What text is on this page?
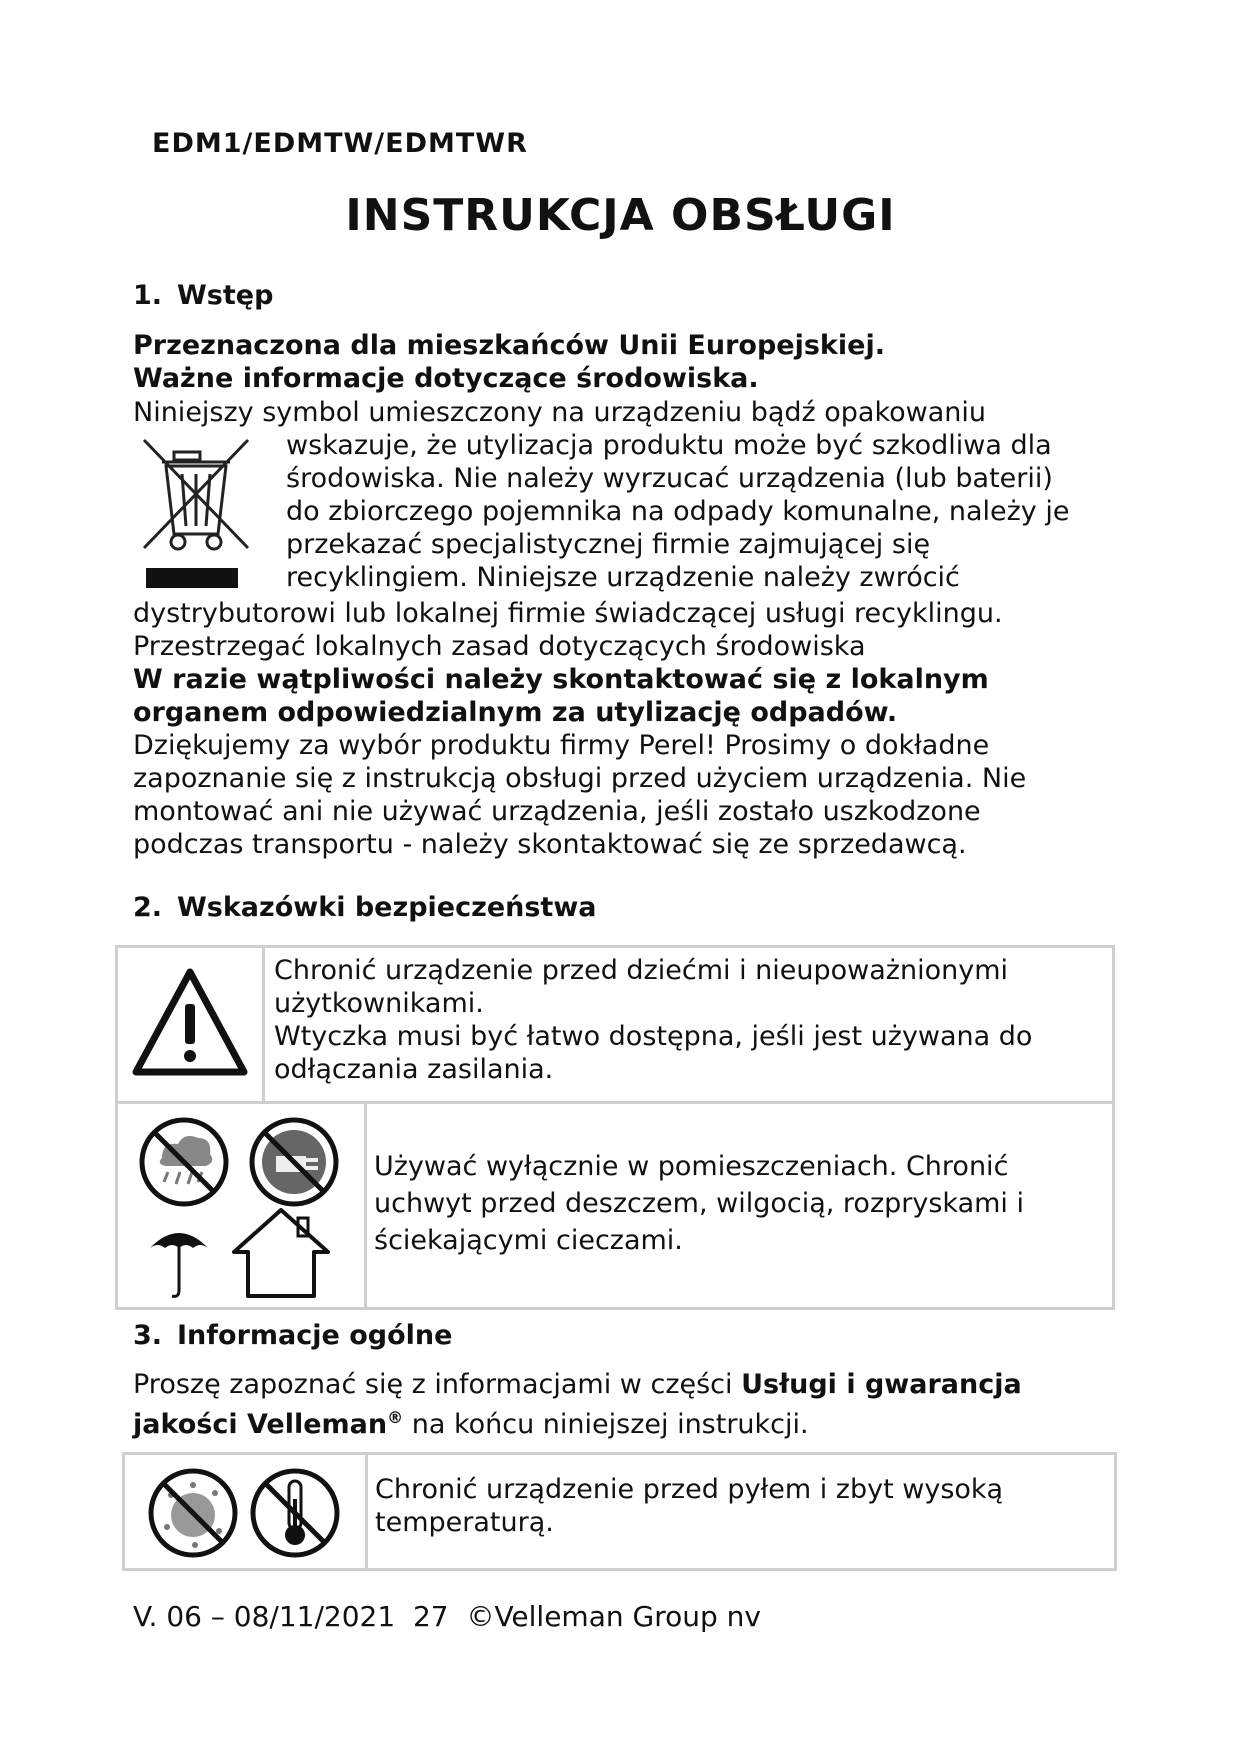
EDM1/EDMTW/EDMTWR
INSTRUKCJA OBSŁUGI
1. Wstęp
Przeznaczona dla mieszkańców Unii Europejskiej.
Ważne informacje dotyczące środowiska.
Niniejszy symbol umieszczony na urządzeniu bądź opakowaniu
wskazuje, że utylizacja produktu może być szkodliwa dla
środowiska. Nie należy wyrzucać urządzenia (lub baterii)
do zbiorczego pojemnika na odpady komunalne, należy je
przekazać specjalistycznej firmie zajmującej się
recyklingiem. Niniejsze urządzenie należy zwrócić
dystrybutorowi lub lokalnej firmie świadczącej usługi recyklingu.
Przestrzegać lokalnych zasad dotyczących środowiska
W razie wątpliwości należy skontaktować się z lokalnym
organem odpowiedzialnym za utylizację odpadów.
Dziękujemy za wybór produktu firmy Perel! Prosimy o dokładne
zapoznanie się z instrukcją obsługi przed użyciem urządzenia. Nie
montować ani nie używać urządzenia, jeśli zostało uszkodzone
podczas transportu - należy skontaktować się ze sprzedawcą.
2. Wskazówki bezpieczeństwa
Chronić urządzenie przed dziećmi i nieupoważnionymi
użytkownikami.
Wtyczka musi być łatwo dostępna, jeśli jest używana do
odłączania zasilania.
Używać wyłącznie w pomieszczeniach. Chronić
uchwyt przed deszczem, wilgocią, rozpryskami i
ściekającymi cieczami.
3. Informacje ogólne
Proszę zapoznać się z informacjami w części Usługi i gwarancja
jakości Velleman® na końcu niniejszej instrukcji.
Chronić urządzenie przed pyłem i zbyt wysoką
temperaturą.
V. 06 – 08/11/2021 27 ©Velleman Group nv
